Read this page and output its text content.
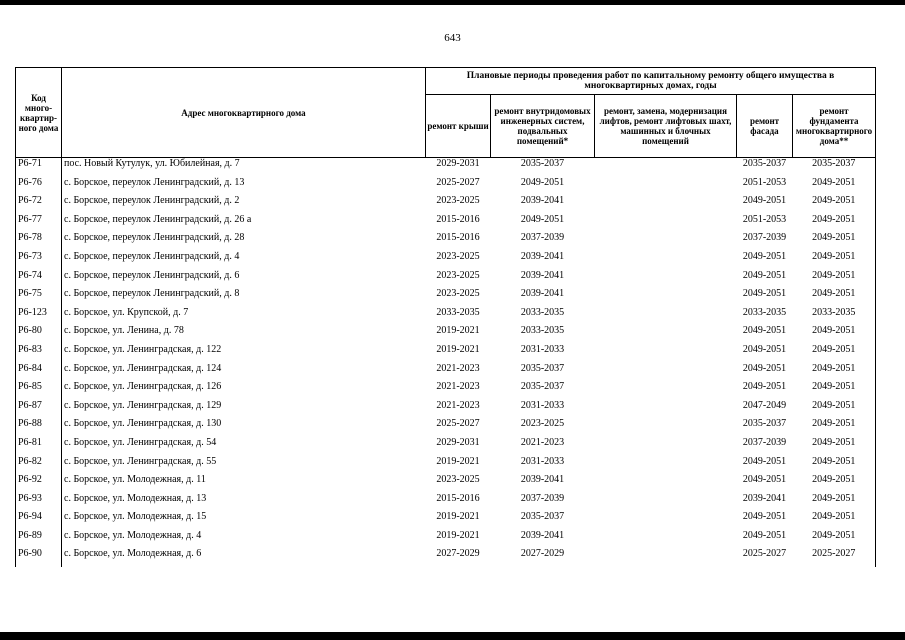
643
Код много-квартир-ного дома	Адрес многоквартирного дома	Плановые периоды проведения работ по капитальному ремонту общего имущества в многоквартирных домах, годы				
		ремонт крыши	ремонт внутридомовых инженерных систем, подвальных помещений*	ремонт, замена, модернизация лифтов, ремонт лифтовых шахт, машинных и блочных помещений	ремонт фасада	ремонт фундамента многоквартирного дома**
Р6-71	пос. Новый Кутулук, ул. Юбилейная, д. 7	2029-2031	2035-2037		2035-2037	2035-2037
Р6-76	с. Борское, переулок Ленинградский, д. 13	2025-2027	2049-2051		2051-2053	2049-2051
Р6-72	с. Борское, переулок Ленинградский, д. 2	2023-2025	2039-2041		2049-2051	2049-2051
Р6-77	с. Борское, переулок Ленинградский, д. 26 а	2015-2016	2049-2051		2051-2053	2049-2051
Р6-78	с. Борское, переулок Ленинградский, д. 28	2015-2016	2037-2039		2037-2039	2049-2051
Р6-73	с. Борское, переулок Ленинградский, д. 4	2023-2025	2039-2041		2049-2051	2049-2051
Р6-74	с. Борское, переулок Ленинградский, д. 6	2023-2025	2039-2041		2049-2051	2049-2051
Р6-75	с. Борское, переулок Ленинградский, д. 8	2023-2025	2039-2041		2049-2051	2049-2051
Р6-123	с. Борское, ул. Крупской, д. 7	2033-2035	2033-2035		2033-2035	2033-2035
Р6-80	с. Борское, ул. Ленина, д. 78	2019-2021	2033-2035		2049-2051	2049-2051
Р6-83	с. Борское, ул. Ленинградская, д. 122	2019-2021	2031-2033		2049-2051	2049-2051
Р6-84	с. Борское, ул. Ленинградская, д. 124	2021-2023	2035-2037		2049-2051	2049-2051
Р6-85	с. Борское, ул. Ленинградская, д. 126	2021-2023	2035-2037		2049-2051	2049-2051
Р6-87	с. Борское, ул. Ленинградская, д. 129	2021-2023	2031-2033		2047-2049	2049-2051
Р6-88	с. Борское, ул. Ленинградская, д. 130	2025-2027	2023-2025		2035-2037	2049-2051
Р6-81	с. Борское, ул. Ленинградская, д. 54	2029-2031	2021-2023		2037-2039	2049-2051
Р6-82	с. Борское, ул. Ленинградская, д. 55	2019-2021	2031-2033		2049-2051	2049-2051
Р6-92	с. Борское, ул. Молодежная, д. 11	2023-2025	2039-2041		2049-2051	2049-2051
Р6-93	с. Борское, ул. Молодежная, д. 13	2015-2016	2037-2039		2039-2041	2049-2051
Р6-94	с. Борское, ул. Молодежная, д. 15	2019-2021	2035-2037		2049-2051	2049-2051
Р6-89	с. Борское, ул. Молодежная, д. 4	2019-2021	2039-2041		2049-2051	2049-2051
Р6-90	с. Борское, ул. Молодежная, д. 6	2027-2029	2027-2029		2025-2027	2025-2027
